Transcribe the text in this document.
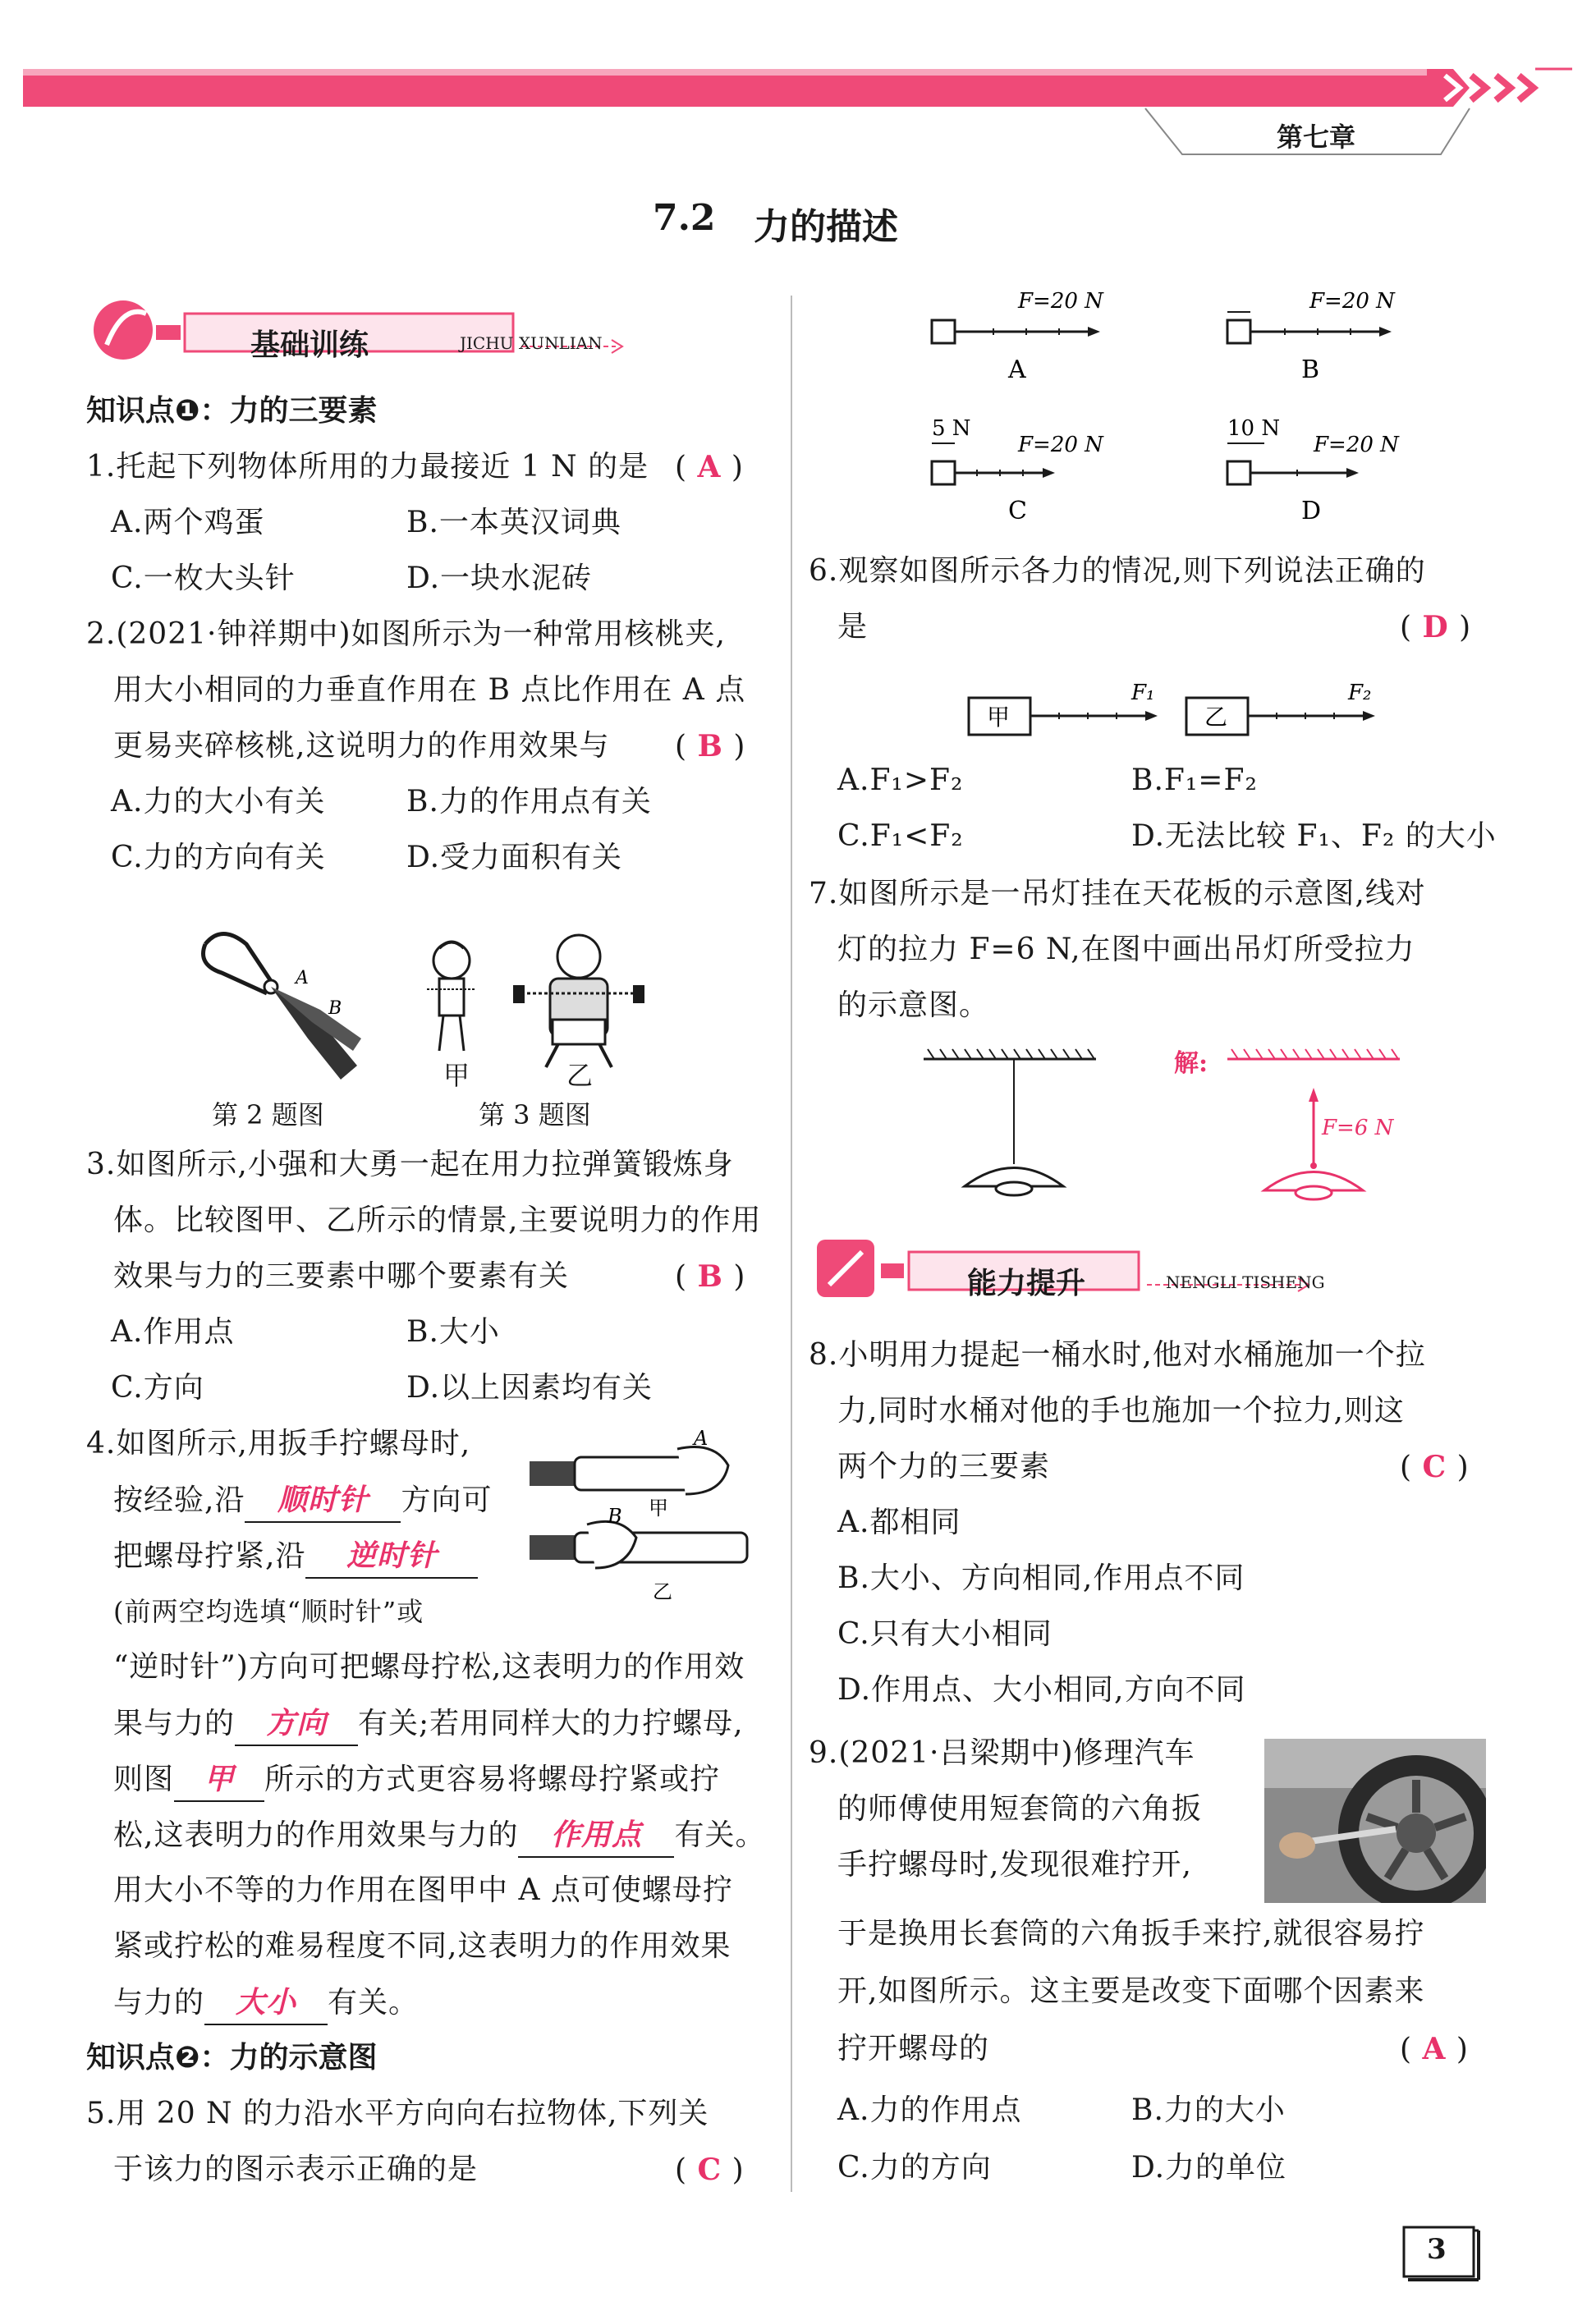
第七章
7.2 力的描述
基础训练	JICHU XUNLIAN
知识点❶：力的三要素
1.托起下列物体所用的力最接近 1 N 的是 ( A )
A.两个鸡蛋	B.一本英汉词典
C.一枚大头针	D.一块水泥砖
2.(2021·钟祥期中)如图所示为一种常用核桃夹,
用大小相同的力垂直作用在 B 点比作用在 A 点
更易夹碎核桃,这说明力的作用效果与 ( B )
A.力的大小有关	B.力的作用点有关
C.力的方向有关	D.受力面积有关
A
B
甲	乙
第 2 题图	第 3 题图
3.如图所示,小强和大勇一起在用力拉弹簧锻炼身
体。比较图甲、乙所示的情景,主要说明力的作用
效果与力的三要素中哪个要素有关	( B )
A.作用点	B.大小
C.方向	D.以上因素均有关
4.如图所示,用扳手拧螺母时,
按经验,沿 顺时针 方向可
把螺母拧紧,沿 逆时针
(前两空均选填“顺时针”或
“逆时针”)方向可把螺母拧松,这表明力的作用效
果与力的 方向 有关;若用同样大的力拧螺母,
则图 甲 所示的方式更容易将螺母拧紧或拧
松,这表明力的作用效果与力的 作用点 有关。
用大小不等的力作用在图甲中 A 点可使螺母拧
紧或拧松的难易程度不同,这表明力的作用效果
与力的 大小 有关。
A
甲
B
乙
知识点❷：力的示意图
5.用 20 N 的力沿水平方向向右拉物体,下列关
于该力的图示表示正确的是	( C )
F=20 N
A
F=20 N
B
5 N
F=20 N
C
10 N
F=20 N
D
6.观察如图所示各力的情况,则下列说法正确的
是	( D )
甲
F₁
乙
F₂
A.F₁>F₂	B.F₁=F₂
C.F₁<F₂	D.无法比较 F₁、F₂ 的大小
7.如图所示是一吊灯挂在天花板的示意图,线对
灯的拉力 F=6 N,在图中画出吊灯所受拉力
的示意图。
解:
F=6 N
能力提升	NENGLI TISHENG
8.小明用力提起一桶水时,他对水桶施加一个拉
力,同时水桶对他的手也施加一个拉力,则这
两个力的三要素	( C )
A.都相同
B.大小、方向相同,作用点不同
C.只有大小相同
D.作用点、大小相同,方向不同
9.(2021·吕梁期中)修理汽车
的师傅使用短套筒的六角扳
手拧螺母时,发现很难拧开,
于是换用长套筒的六角扳手来拧,就很容易拧
开,如图所示。这主要是改变下面哪个因素来
拧开螺母的	( A )
A.力的作用点	B.力的大小
C.力的方向	D.力的单位
3
